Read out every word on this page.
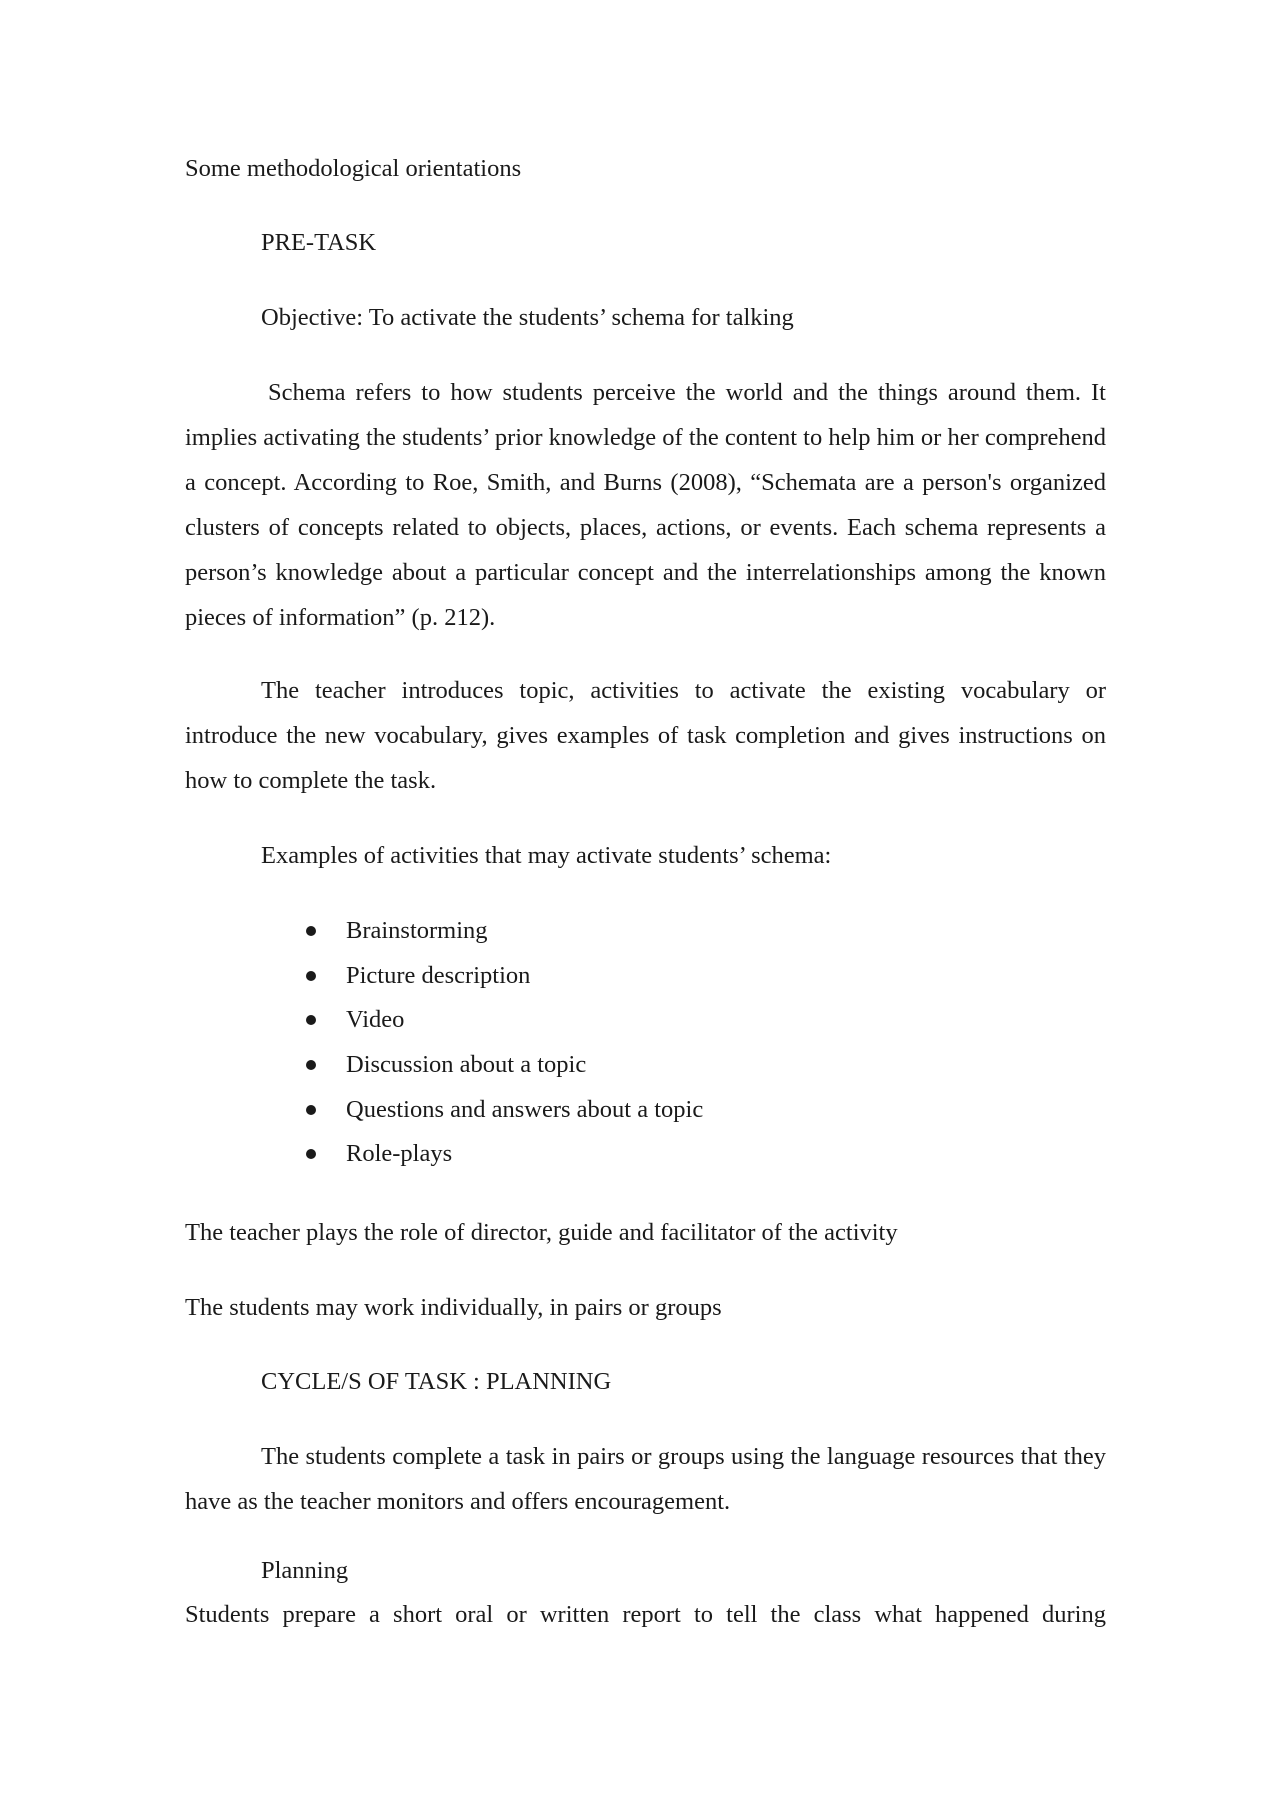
Some methodological orientations

PRE-TASK

Objective: To activate the students’ schema for talking

Schema refers to how students perceive the world and the things around them. It implies activating the students’ prior knowledge of the content to help him or her comprehend a concept. According to Roe, Smith, and Burns (2008), “Schemata are a person's organized clusters of concepts related to objects, places, actions, or events. Each schema represents a person’s knowledge about a particular concept and the interrelationships among the known pieces of information” (p. 212).

The teacher introduces topic, activities to activate the existing vocabulary or introduce the new vocabulary, gives examples of task completion and gives instructions on how to complete the task.

Examples of activities that may activate students’ schema:

Brainstorming
Picture description
Video
Discussion about a topic
Questions and answers about a topic
Role-plays

The teacher plays the role of director, guide and facilitator of the activity

The students may work individually, in pairs or groups

CYCLE/S OF TASK : PLANNING

The students complete a task in pairs or groups using the language resources that they have as the teacher monitors and offers encouragement.

Planning

Students prepare a short oral or written report to tell the class what happened during
